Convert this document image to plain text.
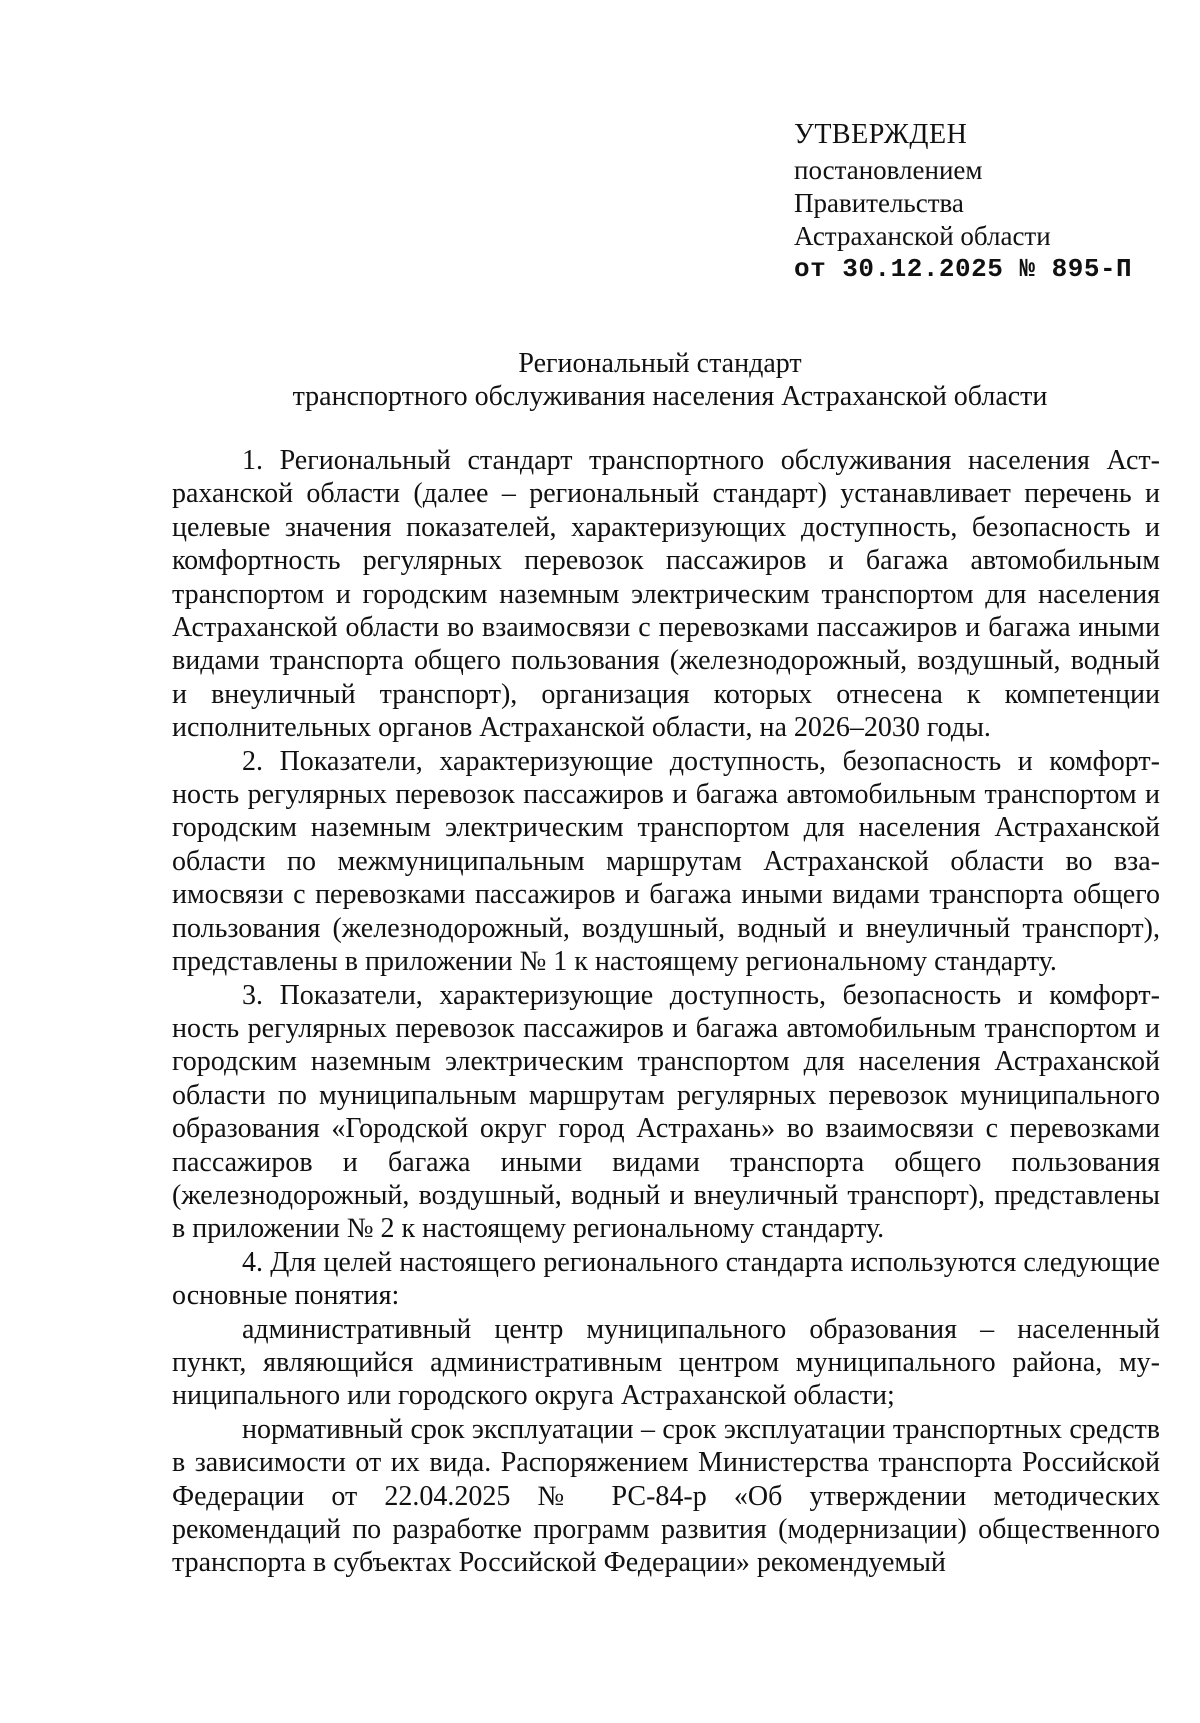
УТВЕРЖДЕН
постановлением
Правительства
Астраханской области
от 30.12.2025 № 895-П
Региональный стандарт
транспортного обслуживания населения Астраханской области

1. Региональный стандарт транспортного обслуживания населения Астраханской области (далее – региональный стандарт) устанавливает перечень и целевые значения показателей, характеризующих доступность, безопасность и комфортность регулярных перевозок пассажиров и багажа автомобильным транспортом и городским наземным электрическим транспортом для населения Астраханской области во взаимосвязи с перевозками пассажиров и багажа иными видами транспорта общего пользования (железнодорожный, воздушный, водный и внеуличный транспорт), организация которых отнесена к компетенции исполнительных органов Астраханской области, на 2026–2030 годы.

2. Показатели, характеризующие доступность, безопасность и комфортность регулярных перевозок пассажиров и багажа автомобильным транспортом и городским наземным электрическим транспортом для населения Астраханской области по межмуниципальным маршрутам Астраханской области во взаимосвязи с перевозками пассажиров и багажа иными видами транспорта общего пользования (железнодорожный, воздушный, водный и внеуличный транспорт), представлены в приложении № 1 к настоящему региональному стандарту.

3. Показатели, характеризующие доступность, безопасность и комфортность регулярных перевозок пассажиров и багажа автомобильным транспортом и городским наземным электрическим транспортом для населения Астраханской области по муниципальным маршрутам регулярных перевозок муниципального образования «Городской округ город Астрахань» во взаимосвязи с перевозками пассажиров и багажа иными видами транспорта общего пользования (железнодорожный, воздушный, водный и внеуличный транспорт), представлены в приложении № 2 к настоящему региональному стандарту.

4. Для целей настоящего регионального стандарта используются следующие основные понятия:

административный центр муниципального образования – населенный пункт, являющийся административным центром муниципального района, муниципального или городского округа Астраханской области;

нормативный срок эксплуатации – срок эксплуатации транспортных средств в зависимости от их вида. Распоряжением Министерства транспорта Российской Федерации от 22.04.2025 № РС-84-р «Об утверждении методических рекомендаций по разработке программ развития (модернизации) общественного транспорта в субъектах Российской Федерации» рекомендуемый
